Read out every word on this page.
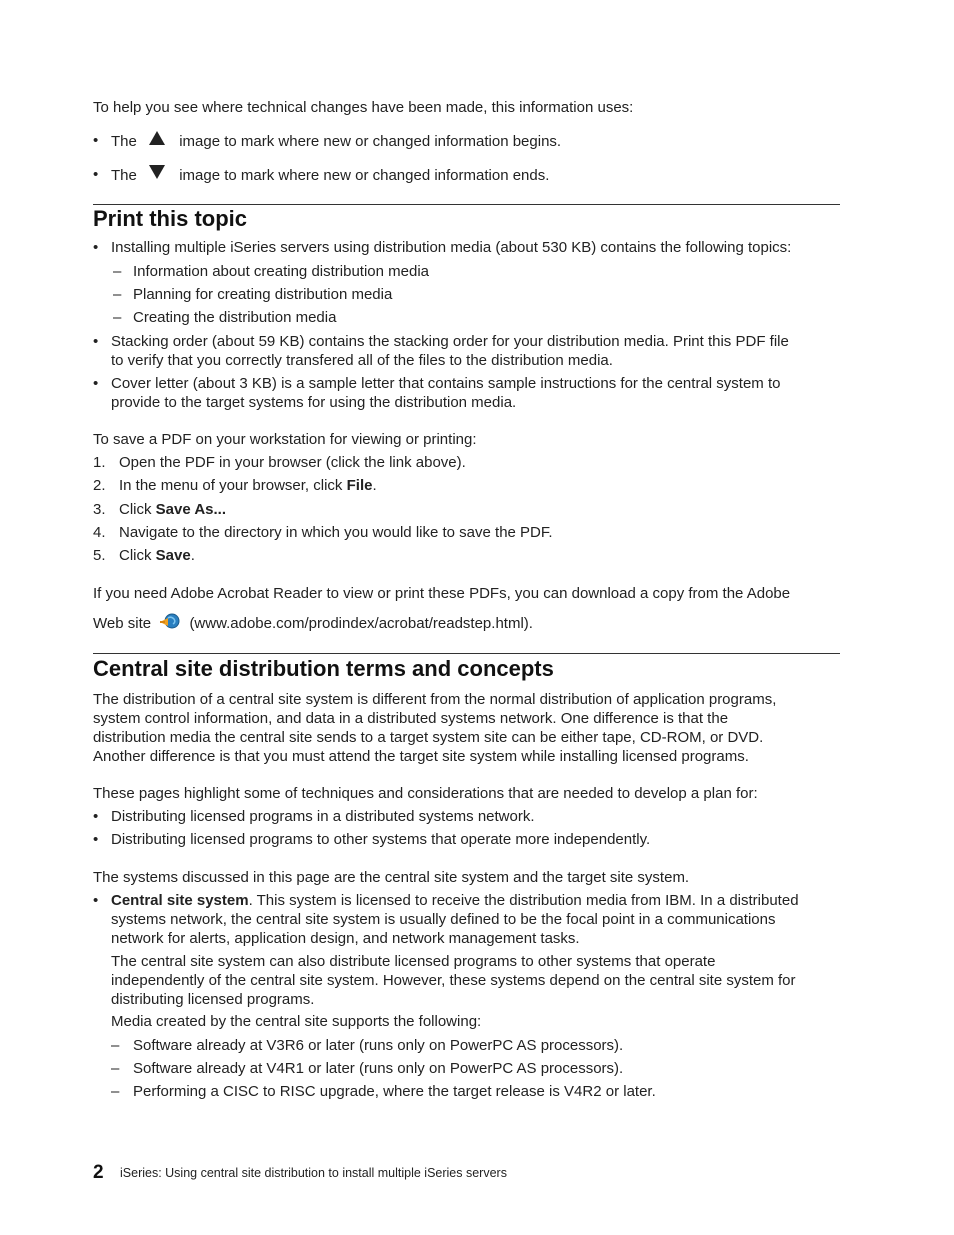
To help you see where technical changes have been made, this information uses:
• The	image to mark where new or changed information begins.
• The	image to mark where new or changed information ends.
Print this topic
• Installing multiple iSeries servers using distribution media (about 530 KB) contains the following topics:
– Information about creating distribution media
– Planning for creating distribution media
– Creating the distribution media
• Stacking order (about 59 KB) contains the stacking order for your distribution media. Print this PDF file
to verify that you correctly transfered all of the files to the distribution media.
• Cover letter (about 3 KB) is a sample letter that contains sample instructions for the central system to
provide to the target systems for using the distribution media.
To save a PDF on your workstation for viewing or printing:
1. Open the PDF in your browser (click the link above).
2. In the menu of your browser, click File.
3. Click Save As...
4. Navigate to the directory in which you would like to save the PDF.
5. Click Save.
If you need Adobe Acrobat Reader to view or print these PDFs, you can download a copy from the Adobe
Web site	(www.adobe.com/prodindex/acrobat/readstep.html).
Central site distribution terms and concepts
The distribution of a central site system is different from the normal distribution of application programs,
system control information, and data in a distributed systems network. One difference is that the
distribution media the central site sends to a target system site can be either tape, CD-ROM, or DVD.
Another difference is that you must attend the target site system while installing licensed programs.
These pages highlight some of techniques and considerations that are needed to develop a plan for:
• Distributing licensed programs in a distributed systems network.
• Distributing licensed programs to other systems that operate more independently.
The systems discussed in this page are the central site system and the target site system.
• Central site system. This system is licensed to receive the distribution media from IBM. In a distributed
systems network, the central site system is usually defined to be the focal point in a communications
network for alerts, application design, and network management tasks.
The central site system can also distribute licensed programs to other systems that operate
independently of the central site system. However, these systems depend on the central site system for
distributing licensed programs.
Media created by the central site supports the following:
– Software already at V3R6 or later (runs only on PowerPC AS processors).
– Software already at V4R1 or later (runs only on PowerPC AS processors).
– Performing a CISC to RISC upgrade, where the target release is V4R2 or later.
2 iSeries: Using central site distribution to install multiple iSeries servers
